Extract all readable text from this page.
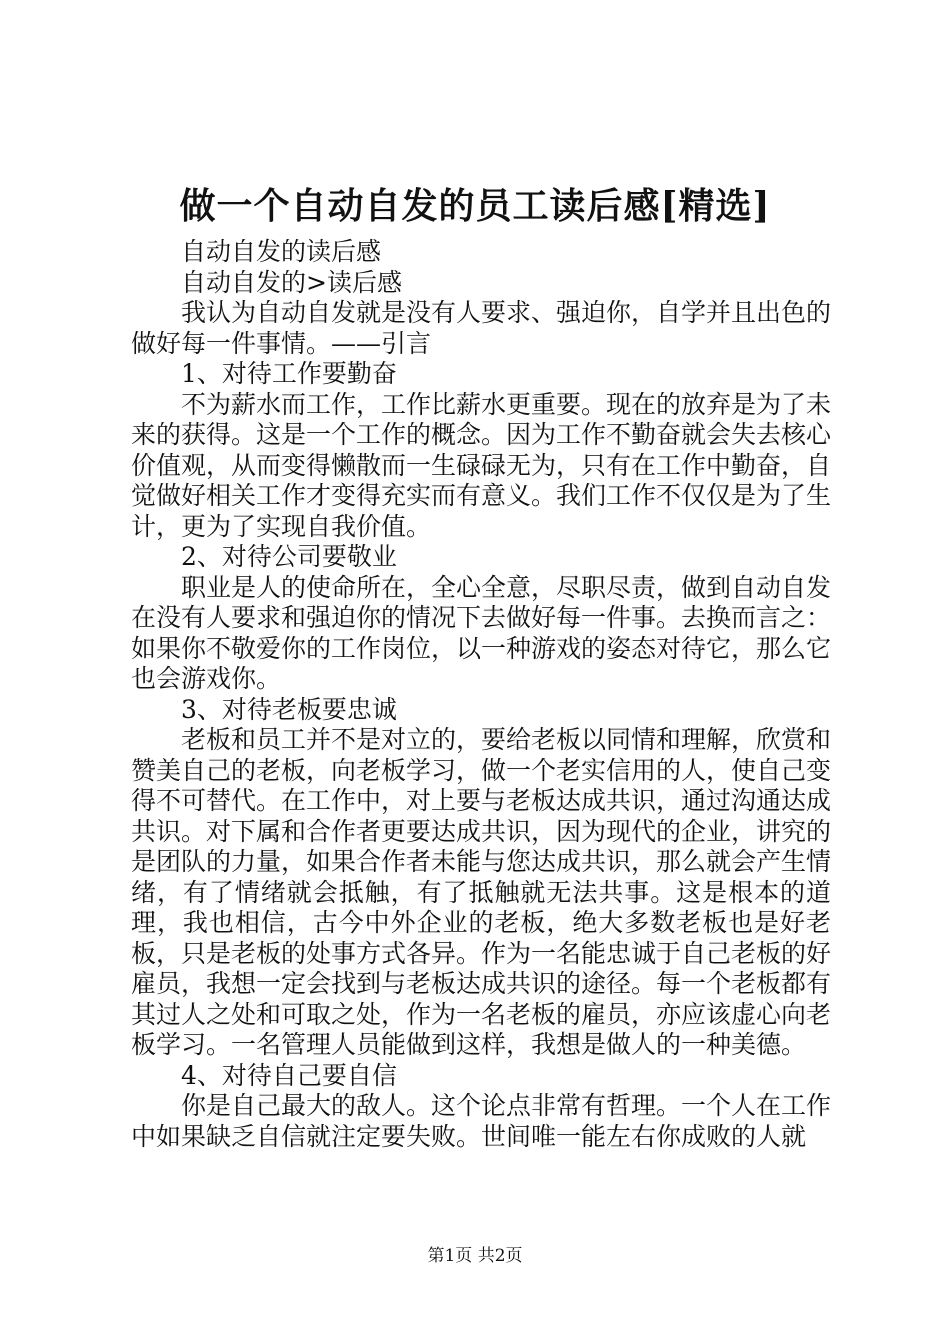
做一个自动自发的员工读后感[精选]

自动自发的读后感

自动自发的>读后感

我认为自动自发就是没有人要求、强迫你，自学并且出色的做好每一件事情。——引言

1、对待工作要勤奋

不为薪水而工作，工作比薪水更重要。现在的放弃是为了未来的获得。这是一个工作的概念。因为工作不勤奋就会失去核心价值观，从而变得懒散而一生碌碌无为，只有在工作中勤奋，自觉做好相关工作才变得充实而有意义。我们工作不仅仅是为了生计，更为了实现自我价值。

2、对待公司要敬业

职业是人的使命所在，全心全意，尽职尽责，做到自动自发在没有人要求和强迫你的情况下去做好每一件事。去换而言之：如果你不敬爱你的工作岗位，以一种游戏的姿态对待它，那么它也会游戏你。

3、对待老板要忠诚

老板和员工并不是对立的，要给老板以同情和理解，欣赏和赞美自己的老板，向老板学习，做一个老实信用的人，使自己变得不可替代。在工作中，对上要与老板达成共识，通过沟通达成共识。对下属和合作者更要达成共识，因为现代的企业，讲究的是团队的力量，如果合作者未能与您达成共识，那么就会产生情绪，有了情绪就会抵触，有了抵触就无法共事。这是根本的道理，我也相信，古今中外企业的老板，绝大多数老板也是好老板，只是老板的处事方式各异。作为一名能忠诚于自己老板的好雇员，我想一定会找到与老板达成共识的途径。每一个老板都有其过人之处和可取之处，作为一名老板的雇员，亦应该虚心向老板学习。一名管理人员能做到这样，我想是做人的一种美德。

4、对待自己要自信

你是自己最大的敌人。这个论点非常有哲理。一个人在工作中如果缺乏自信就注定要失败。世间唯一能左右你成败的人就

第1页 共2页
